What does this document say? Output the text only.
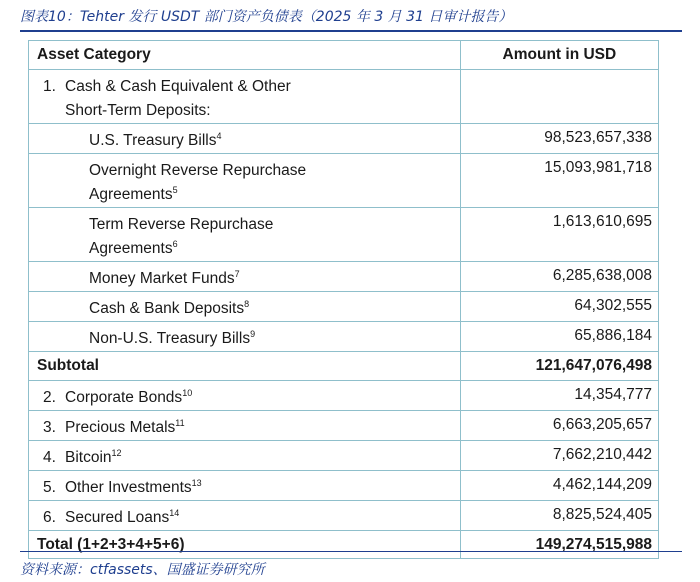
图表10：Tehter 发行 USDT 部门资产负债表（2025 年 3 月 31 日审计报告）
Asset Category	Amount in USD

1. Cash & Cash Equivalent & Other
Short-Term Deposits:	

U.S. Treasury Bills$^4$	98,523,657,338

Overnight Reverse Repurchase
Agreements$^5$	15,093,981,718

Term Reverse Repurchase
Agreements$^6$	1,613,610,695
Money Market Funds$^7$	6,285,638,008
Cash & Bank Deposits$^8$	64,302,555
Non-U.S. Treasury Bills$^9$	65,886,184
Subtotal	121,647,076,498
2. Corporate Bonds$^{10}$	14,354,777
3. Precious Metals$^{11}$	6,663,205,657
4. Bitcoin$^{12}$	7,662,210,442
5. Other Investments$^{13}$	4,462,144,209
6. Secured Loans$^{14}$	8,825,524,405
Total (1+2+3+4+5+6)	149,274,515,988
资料来源：ctfassets、国盛证券研究所
